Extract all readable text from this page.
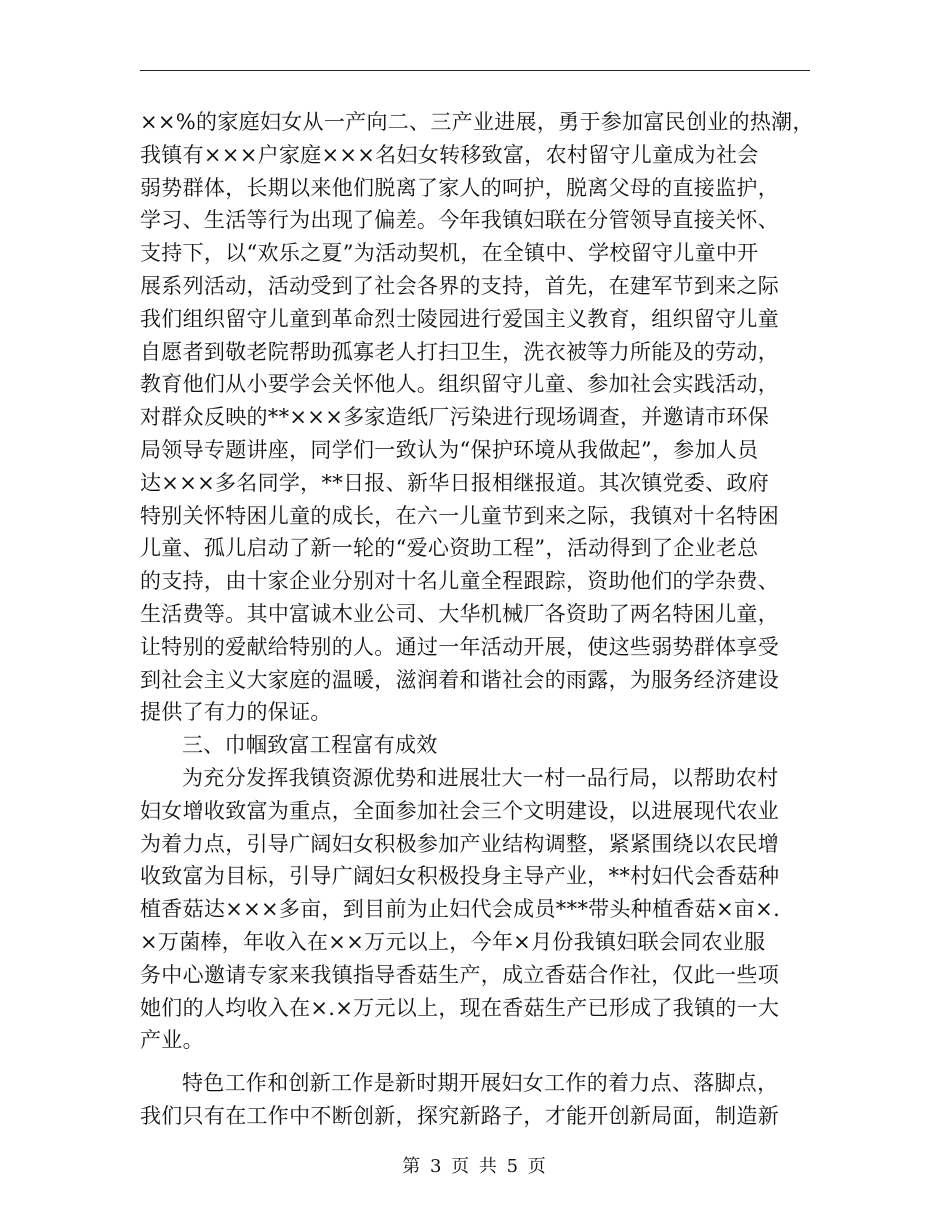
××%的家庭妇女从一产向二、三产业进展，勇于参加富民创业的热潮，
我镇有×××户家庭×××名妇女转移致富，农村留守儿童成为社会
弱势群体，长期以来他们脱离了家人的呵护，脱离父母的直接监护，
学习、生活等行为出现了偏差。今年我镇妇联在分管领导直接关怀、
支持下，以“欢乐之夏”为活动契机，在全镇中、学校留守儿童中开
展系列活动，活动受到了社会各界的支持，首先，在建军节到来之际
我们组织留守儿童到革命烈士陵园进行爱国主义教育，组织留守儿童
自愿者到敬老院帮助孤寡老人打扫卫生，洗衣被等力所能及的劳动，
教育他们从小要学会关怀他人。组织留守儿童、参加社会实践活动，
对群众反映的**×××多家造纸厂污染进行现场调查，并邀请市环保
局领导专题讲座，同学们一致认为“保护环境从我做起”，参加人员
达×××多名同学，**日报、新华日报相继报道。其次镇党委、政府
特别关怀特困儿童的成长，在六一儿童节到来之际，我镇对十名特困
儿童、孤儿启动了新一轮的“爱心资助工程”，活动得到了企业老总
的支持，由十家企业分别对十名儿童全程跟踪，资助他们的学杂费、
生活费等。其中富诚木业公司、大华机械厂各资助了两名特困儿童，
让特别的爱献给特别的人。通过一年活动开展，使这些弱势群体享受
到社会主义大家庭的温暖，滋润着和谐社会的雨露，为服务经济建设
提供了有力的保证。
三、巾帼致富工程富有成效
为充分发挥我镇资源优势和进展壮大一村一品行局，以帮助农村
妇女增收致富为重点，全面参加社会三个文明建设，以进展现代农业
为着力点，引导广阔妇女积极参加产业结构调整，紧紧围绕以农民增
收致富为目标，引导广阔妇女积极投身主导产业，**村妇代会香菇种
植香菇达×××多亩，到目前为止妇代会成员***带头种植香菇×亩×.
×万菌棒，年收入在××万元以上，今年×月份我镇妇联会同农业服
务中心邀请专家来我镇指导香菇生产，成立香菇合作社，仅此一些项
她们的人均收入在×.×万元以上，现在香菇生产已形成了我镇的一大
产业。
特色工作和创新工作是新时期开展妇女工作的着力点、落脚点，
我们只有在工作中不断创新，探究新路子，才能开创新局面，制造新
第 3 页 共 5 页
